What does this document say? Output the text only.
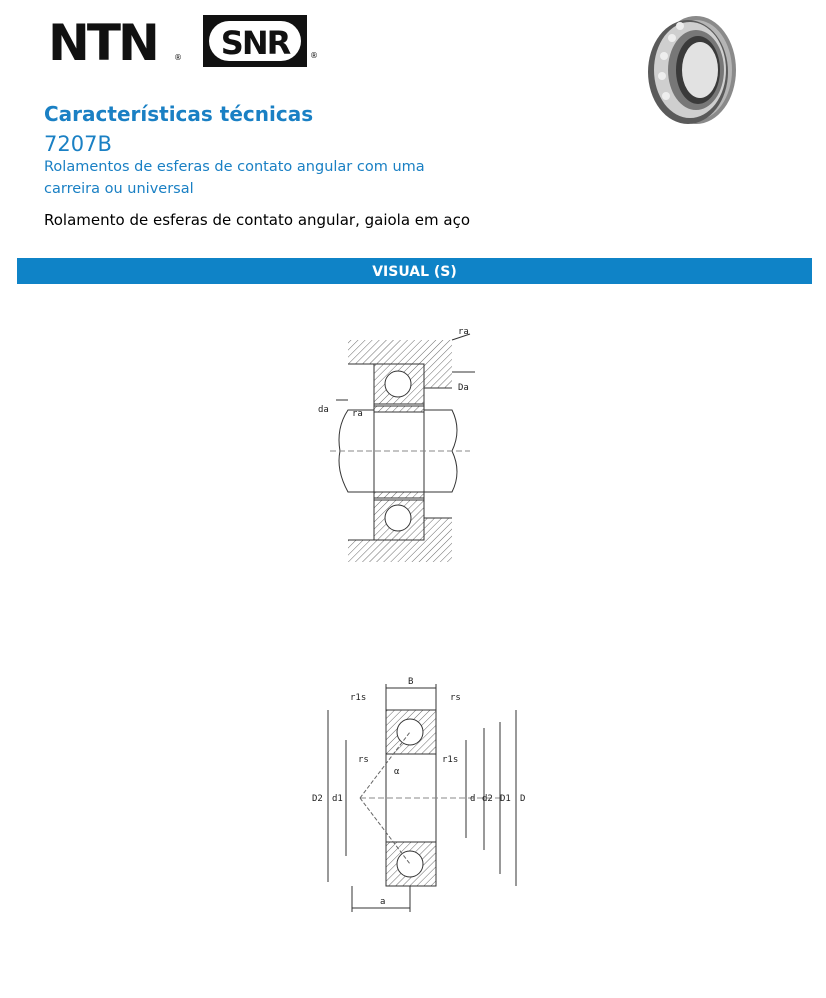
NTN ® SNR	®
Características técnicas
7207B
Rolamentos de esferas de contato angular com uma carreira ou universal
Rolamento de esferas de contato angular, gaiola em aço
VISUAL (S)
ra
Da
da	ra
B
r1s	rs
rs
α
r1s
D2 d1	d d2 D1 D
a
